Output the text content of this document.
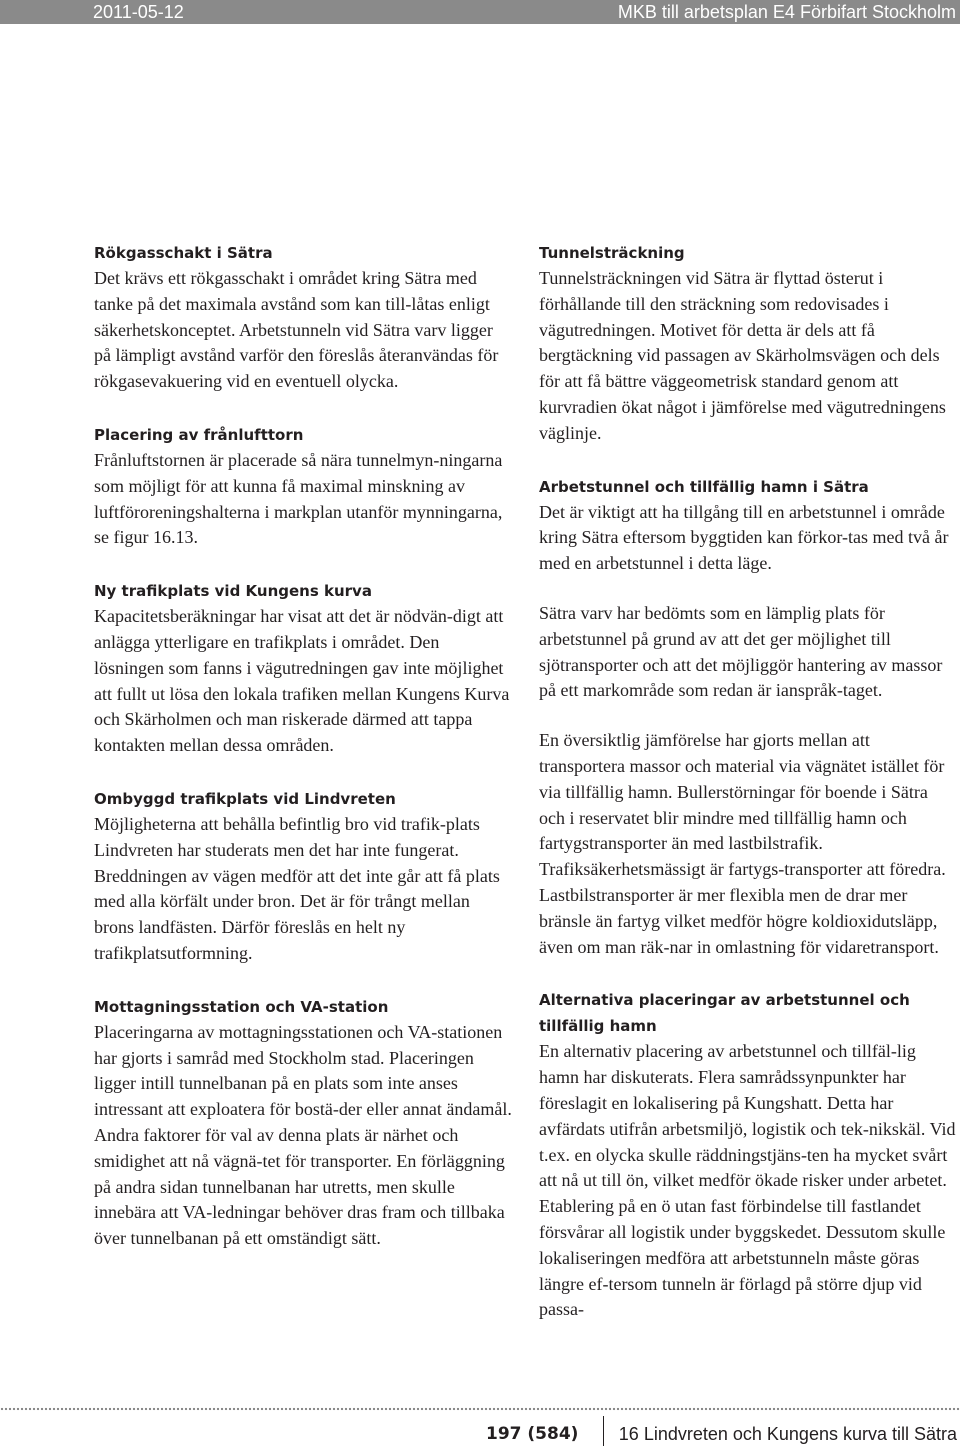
2011-05-12	MKB till arbetsplan E4 Förbifart Stockholm
Rökgasschakt i Sätra

Det krävs ett rökgasschakt i området kring Sätra med tanke på det maximala avstånd som kan till-låtas enligt säkerhetskonceptet. Arbetstunneln vid Sätra varv ligger på lämpligt avstånd varför den föreslås återanvändas för rökgasevakuering vid en eventuell olycka.

Placering av frånlufttorn

Frånluftstornen är placerade så nära tunnelmyn-ningarna som möjligt för att kunna få maximal minskning av luftföroreningshalterna i markplan utanför mynningarna, se figur 16.13.

Ny trafikplats vid Kungens kurva

Kapacitetsberäkningar har visat att det är nödvän-digt att anlägga ytterligare en trafikplats i området. Den lösningen som fanns i vägutredningen gav inte möjlighet att fullt ut lösa den lokala trafiken mellan Kungens Kurva och Skärholmen och man riskerade därmed att tappa kontakten mellan dessa områden.

Ombyggd trafikplats vid Lindvreten

Möjligheterna att behålla befintlig bro vid trafik-plats Lindvreten har studerats men det har inte fungerat. Breddningen av vägen medför att det inte går att få plats med alla körfält under bron. Det är för trångt mellan brons landfästen. Därför föreslås en helt ny trafikplatsutformning.

Mottagningsstation och VA-station

Placeringarna av mottagningsstationen och VA-stationen har gjorts i samråd med Stockholm stad. Placeringen ligger intill tunnelbanan på en plats som inte anses intressant att exploatera för bostä-der eller annat ändamål. Andra faktorer för val av denna plats är närhet och smidighet att nå vägnä-tet för transporter. En förläggning på andra sidan tunnelbanan har utretts, men skulle innebära att VA-ledningar behöver dras fram och tillbaka över tunnelbanan på ett omständigt sätt.

Tunnelsträckning

Tunnelsträckningen vid Sätra är flyttad österut i förhållande till den sträckning som redovisades i vägutredningen. Motivet för detta är dels att få bergtäckning vid passagen av Skärholmsvägen och dels för att få bättre väggeometrisk standard genom att kurvradien ökat något i jämförelse med vägutredningens väglinje.

Arbetstunnel och tillfällig hamn i Sätra

Det är viktigt att ha tillgång till en arbetstunnel i område kring Sätra eftersom byggtiden kan förkor-tas med två år med en arbetstunnel i detta läge.

Sätra varv har bedömts som en lämplig plats för arbetstunnel på grund av att det ger möjlighet till sjötransporter och att det möjliggör hantering av massor på ett markområde som redan är ianspråk-taget.

En översiktlig jämförelse har gjorts mellan att transportera massor och material via vägnätet istället för via tillfällig hamn. Bullerstörningar för boende i Sätra och i reservatet blir mindre med tillfällig hamn och fartygstransporter än med lastbilstrafik. Trafiksäkerhetsmässigt är fartygs-transporter att föredra. Lastbilstransporter är mer flexibla men de drar mer bränsle än fartyg vilket medför högre koldioxidutsläpp, även om man räk-nar in omlastning för vidaretransport.

Alternativa placeringar av arbetstunnel och tillfällig hamn

En alternativ placering av arbetstunnel och tillfäl-lig hamn har diskuterats. Flera samrådssynpunkter har föreslagit en lokalisering på Kungshatt. Detta har avfärdats utifrån arbetsmiljö, logistik och tek-nikskäl. Vid t.ex. en olycka skulle räddningstjäns-ten ha mycket svårt att nå ut till ön, vilket medför ökade risker under arbetet. Etablering på en ö utan fast förbindelse till fastlandet försvårar all logistik under byggskedet. Dessutom skulle lokaliseringen medföra att arbetstunneln måste göras längre ef-tersom tunneln är förlagd på större djup vid passa-

197 (584) 16 Lindvreten och Kungens kurva till Sätra
